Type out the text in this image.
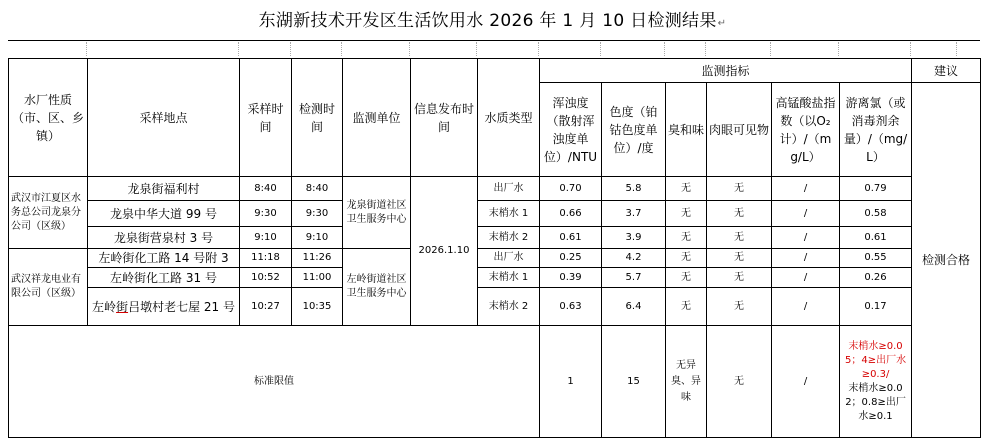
东湖新技术开发区生活饮用水 2026 年 1 月 10 日检测结果↵
水厂性质（市、区、乡镇）	采样地点	采样时间	检测时间	监测单位	信息发布时间	水质类型	监测指标						建议
							浑浊度（散射浑浊度单位）/NTU	色度（铂钴色度单位）/度	臭和味	肉眼可见物	高锰酸盐指数（以O₂计）/（mg/L）	游离氯（或消毒剂余量）/（mg/L）	检测合格
武汉市江夏区水务总公司龙泉分公司（区级）	龙泉街福利村	8:40	8:40	龙泉街道社区卫生服务中心	2026.1.10	出厂水	0.70	5.8	无	无	/	0.79	
	龙泉中华大道 99 号	9:30	9:30			末梢水 1	0.66	3.7	无	无	/	0.58	
	龙泉街营泉村 3 号	9:10	9:10			末梢水 2	0.61	3.9	无	无	/	0.61	
武汉祥龙电业有限公司（区级）	左岭街化工路 14 号附 3	11:18	11:26	左岭街道社区卫生服务中心		出厂水	0.25	4.2	无	无	/	0.55	
	左岭街化工路 31 号	10:52	11:00			末梢水 1	0.39	5.7	无	无	/	0.26	
	左岭街吕墩村老七屋 21 号	10:27	10:35			末梢水 2	0.63	6.4	无	无	/	0.17	
标准限值							1	15	无异臭、异味	无	/	末梢水≥0.05；4≥出厂水≥0.3/
末梢水≥0.02；0.8≥出厂水≥0.1	
